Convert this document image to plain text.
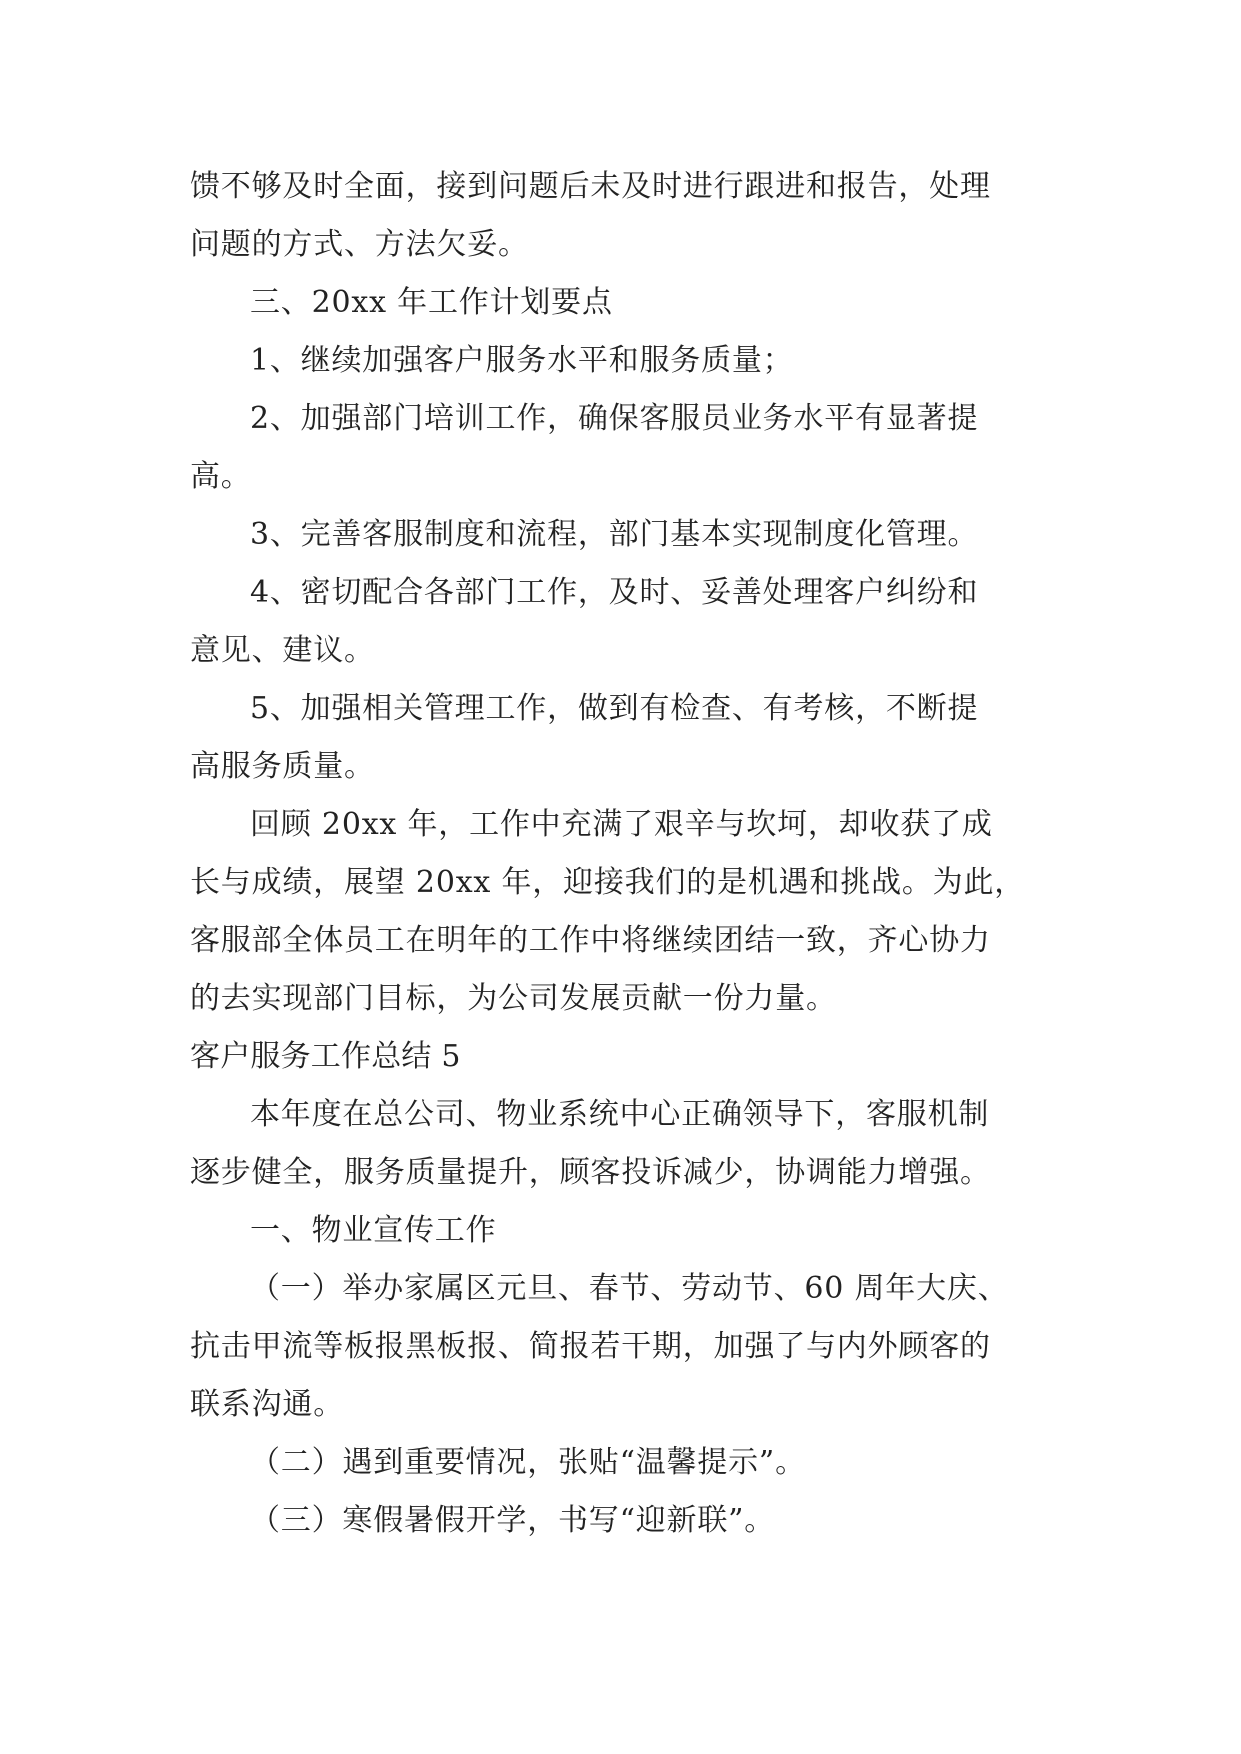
馈不够及时全面，接到问题后未及时进行跟进和报告，处理

问题的方式、方法欠妥。

三、20xx 年工作计划要点

1、继续加强客户服务水平和服务质量；

2、加强部门培训工作，确保客服员业务水平有显著提

高。

3、完善客服制度和流程，部门基本实现制度化管理。

4、密切配合各部门工作，及时、妥善处理客户纠纷和

意见、建议。

5、加强相关管理工作，做到有检查、有考核，不断提

高服务质量。

回顾 20xx 年，工作中充满了艰辛与坎坷，却收获了成

长与成绩，展望 20xx 年，迎接我们的是机遇和挑战。为此，

客服部全体员工在明年的工作中将继续团结一致，齐心协力

的去实现部门目标，为公司发展贡献一份力量。

客户服务工作总结 5

本年度在总公司、物业系统中心正确领导下，客服机制

逐步健全，服务质量提升，顾客投诉减少，协调能力增强。

一、物业宣传工作

（一）举办家属区元旦、春节、劳动节、60 周年大庆、

抗击甲流等板报黑板报、简报若干期，加强了与内外顾客的

联系沟通。

（二）遇到重要情况，张贴“温馨提示”。

（三）寒假暑假开学，书写“迎新联”。
